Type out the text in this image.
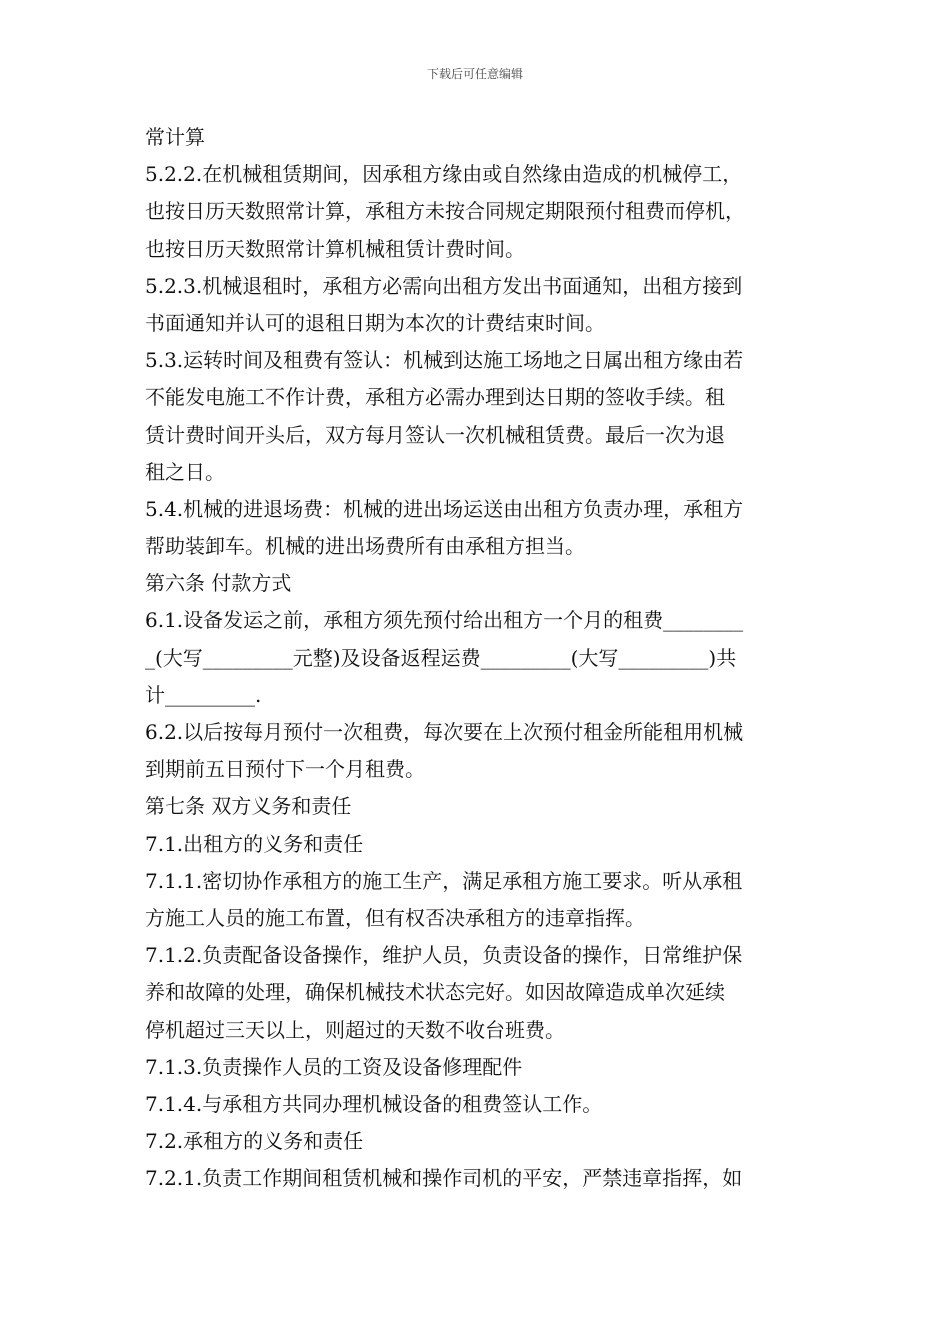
下载后可任意编辑
常计算
5.2.2.在机械租赁期间，因承租方缘由或自然缘由造成的机械停工，
也按日历天数照常计算，承租方未按合同规定期限预付租费而停机，
也按日历天数照常计算机械租赁计费时间。
5.2.3.机械退租时，承租方必需向出租方发出书面通知，出租方接到
书面通知并认可的退租日期为本次的计费结束时间。
5.3.运转时间及租费有签认：机械到达施工场地之日属出租方缘由若
不能发电施工不作计费，承租方必需办理到达日期的签收手续。租
赁计费时间开头后，双方每月签认一次机械租赁费。最后一次为退
租之日。
5.4.机械的进退场费：机械的进出场运送由出租方负责办理，承租方
帮助装卸车。机械的进出场费所有由承租方担当。
第六条 付款方式
6.1.设备发运之前，承租方须先预付给出租方一个月的租费________
_(大写_________元整)及设备返程运费_________(大写_________)共
计_________.
6.2.以后按每月预付一次租费，每次要在上次预付租金所能租用机械
到期前五日预付下一个月租费。
第七条 双方义务和责任
7.1.出租方的义务和责任
7.1.1.密切协作承租方的施工生产，满足承租方施工要求。听从承租
方施工人员的施工布置，但有权否决承租方的违章指挥。
7.1.2.负责配备设备操作，维护人员，负责设备的操作，日常维护保
养和故障的处理，确保机械技术状态完好。如因故障造成单次延续
停机超过三天以上，则超过的天数不收台班费。
7.1.3.负责操作人员的工资及设备修理配件
7.1.4.与承租方共同办理机械设备的租费签认工作。
7.2.承租方的义务和责任
7.2.1.负责工作期间租赁机械和操作司机的平安，严禁违章指挥，如
